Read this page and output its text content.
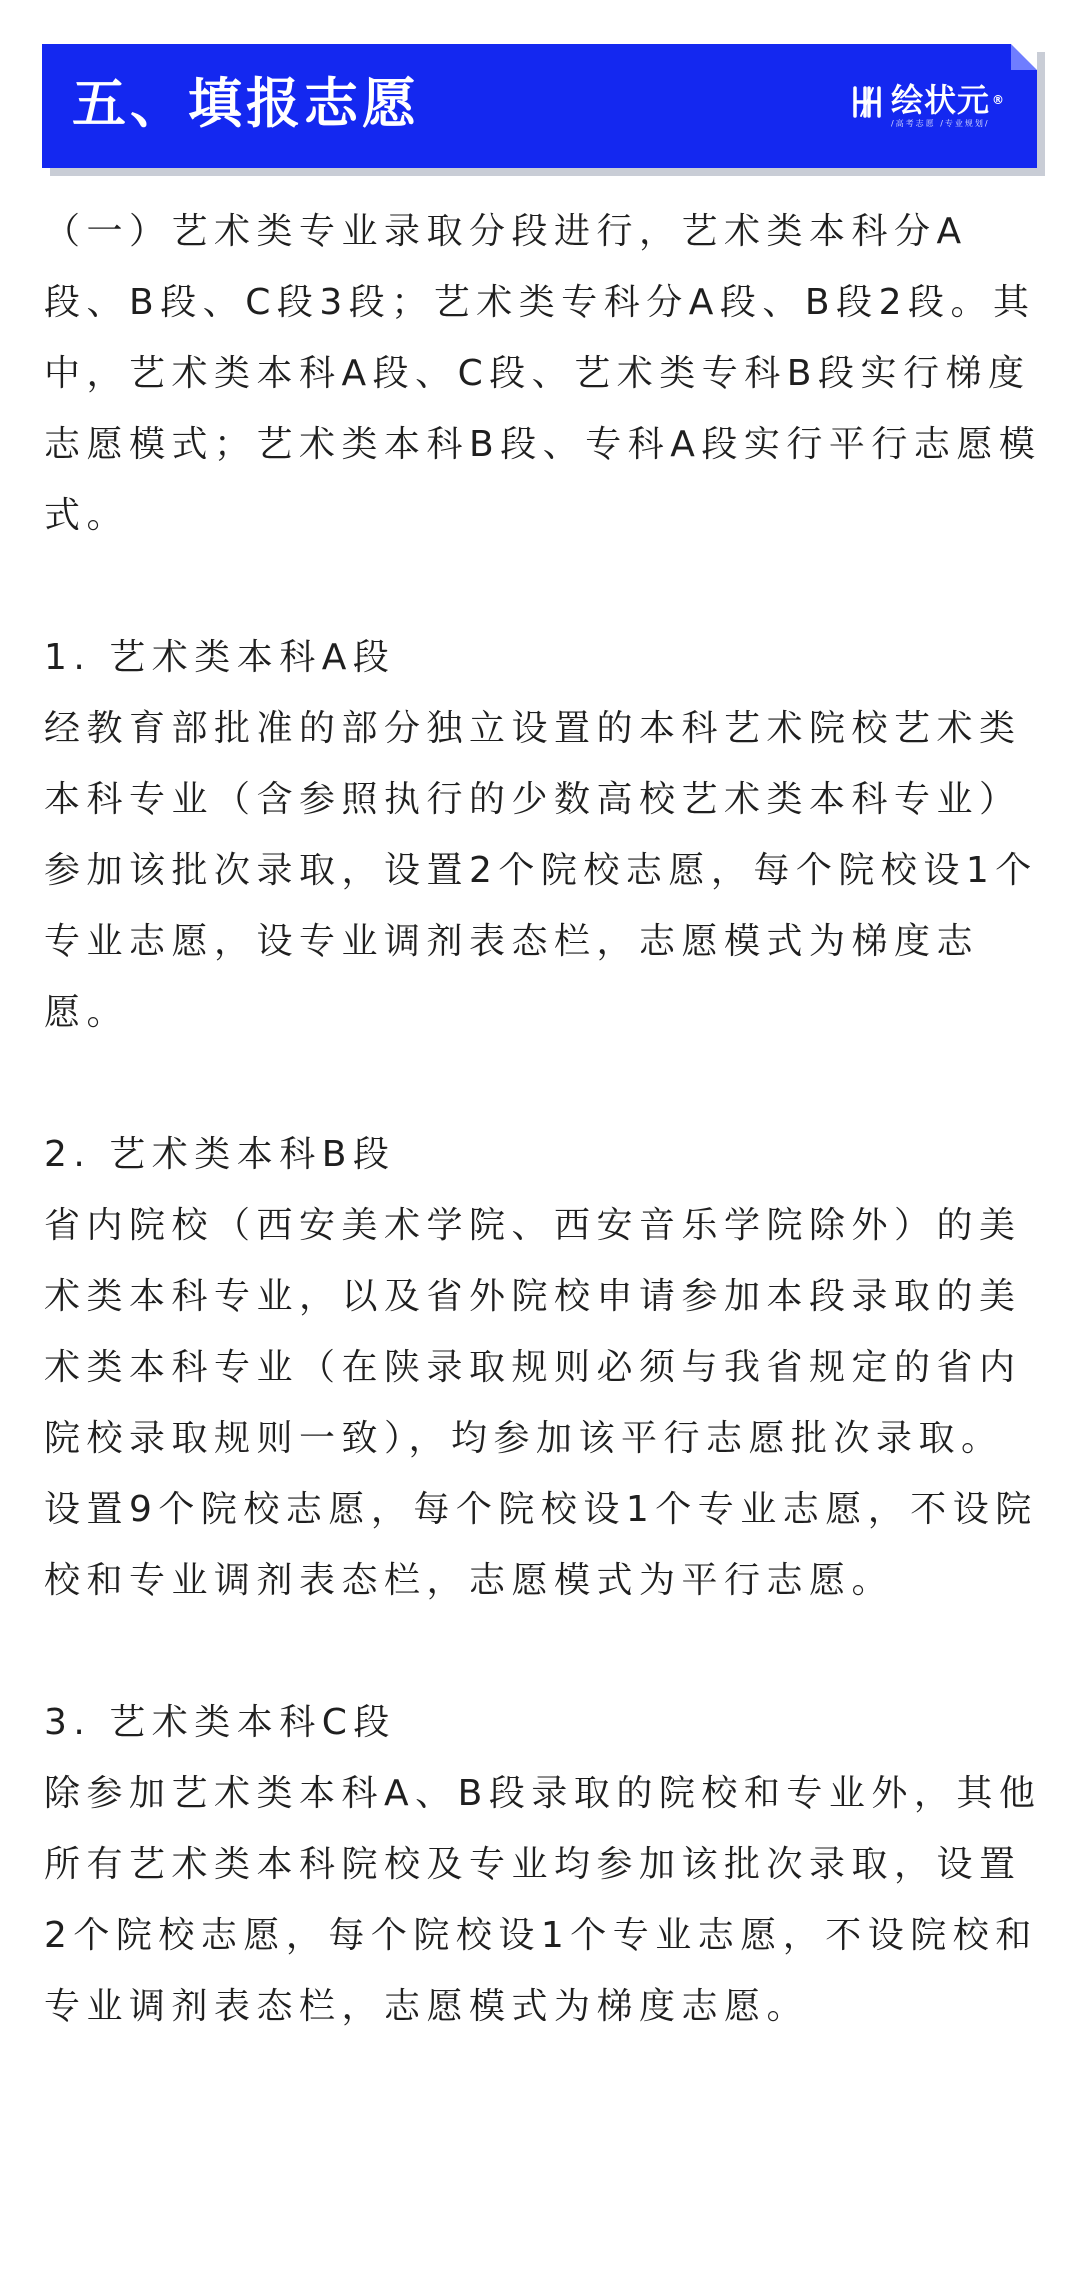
五、填报志愿	绘状元 ®
/高考志愿 /专业规划/

（一）艺术类专业录取分段进行，艺术类本科分A段、B段、C段3段；艺术类专科分A段、B段2段。其中，艺术类本科A段、C段、艺术类专科B段实行梯度志愿模式；艺术类本科B段、专科A段实行平行志愿模式。

1. 艺术类本科A段

经教育部批准的部分独立设置的本科艺术院校艺术类本科专业（含参照执行的少数高校艺术类本科专业）参加该批次录取，设置2个院校志愿，每个院校设1个专业志愿，设专业调剂表态栏，志愿模式为梯度志愿。

2. 艺术类本科B段

省内院校（西安美术学院、西安音乐学院除外）的美术类本科专业，以及省外院校申请参加本段录取的美术类本科专业（在陕录取规则必须与我省规定的省内院校录取规则一致），均参加该平行志愿批次录取。设置9个院校志愿，每个院校设1个专业志愿，不设院校和专业调剂表态栏，志愿模式为平行志愿。

3. 艺术类本科C段

除参加艺术类本科A、B段录取的院校和专业外，其他所有艺术类本科院校及专业均参加该批次录取，设置2个院校志愿，每个院校设1个专业志愿，不设院校和专业调剂表态栏，志愿模式为梯度志愿。
